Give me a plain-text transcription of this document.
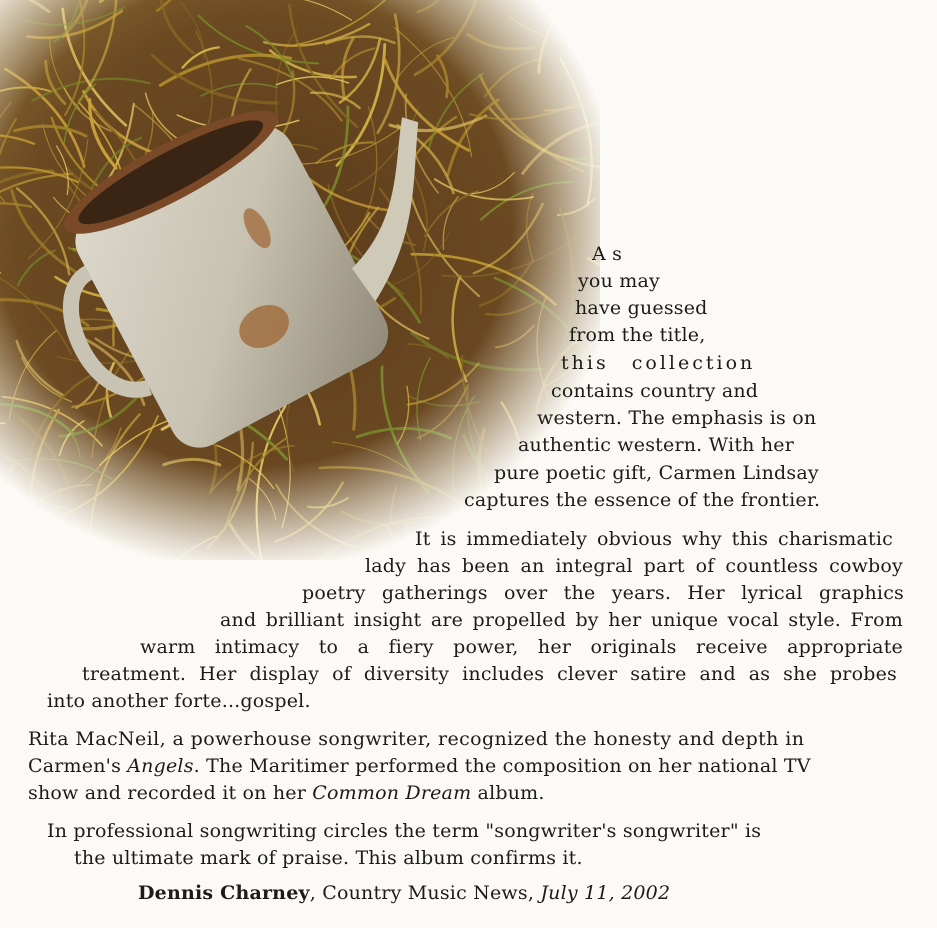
A s
you may
have guessed
from the title,
this collection
contains country and
western. The emphasis is on
authentic western. With her
pure poetic gift, Carmen Lindsay
captures the essence of the frontier.
It is immediately obvious why this charismatic
lady has been an integral part of countless cowboy
poetry gatherings over the years. Her lyrical graphics
and brilliant insight are propelled by her unique vocal style. From
warm intimacy to a fiery power, her originals receive appropriate
treatment. Her display of diversity includes clever satire and as she probes
into another forte...gospel.
Rita MacNeil, a powerhouse songwriter, recognized the honesty and depth in
Carmen's Angels. The Maritimer performed the composition on her national TV
show and recorded it on her Common Dream album.
In professional songwriting circles the term "songwriter's songwriter" is
the ultimate mark of praise. This album confirms it.
Dennis Charney, Country Music News, July 11, 2002
